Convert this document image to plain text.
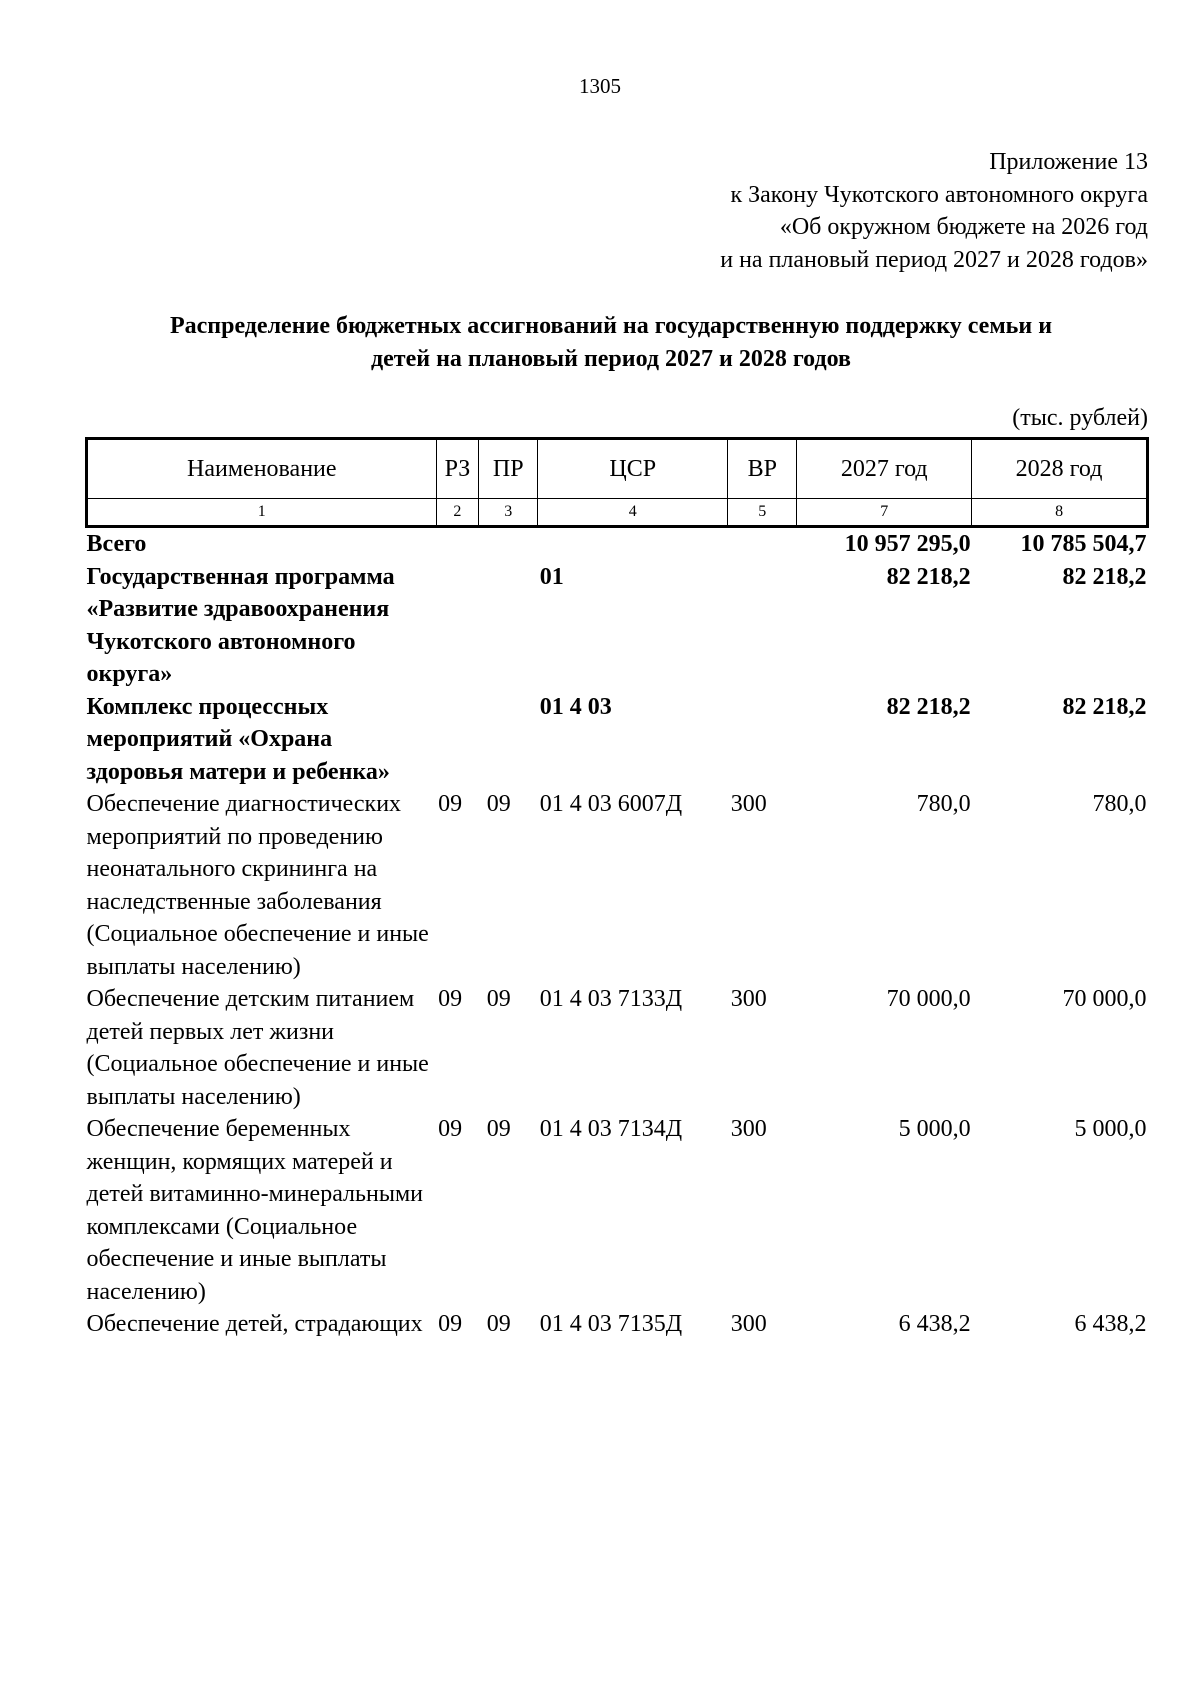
1305
Приложение 13
к Закону Чукотского автономного округа
«Об окружном бюджете на 2026 год
и на плановый период 2027 и 2028 годов»
Распределение бюджетных ассигнований на государственную поддержку семьи и
детей на плановый период 2027 и 2028 годов
(тыс. рублей)
Наименование	РЗ	ПР	ЦСР	ВР	2027 год	2028 год
1	2	3	4	5	7	8
Всего					10 957 295,0	10 785 504,7
Государственная программа «Развитие здравоохранения Чукотского автономного округа»			01		82 218,2	82 218,2
Комплекс процессных мероприятий «Охрана здоровья матери и ребенка»			01 4 03		82 218,2	82 218,2
Обеспечение диагностических мероприятий по проведению неонатального скрининга на наследственные заболевания (Социальное обеспечение и иные выплаты населению)	09	09	01 4 03 6007Д	300	780,0	780,0
Обеспечение детским питанием детей первых лет жизни (Социальное обеспечение и иные выплаты населению)	09	09	01 4 03 7133Д	300	70 000,0	70 000,0
Обеспечение беременных женщин, кормящих матерей и детей витаминно-минеральными комплексами (Социальное обеспечение и иные выплаты населению)	09	09	01 4 03 7134Д	300	5 000,0	5 000,0
Обеспечение детей, страдающих	09	09	01 4 03 7135Д	300	6 438,2	6 438,2
